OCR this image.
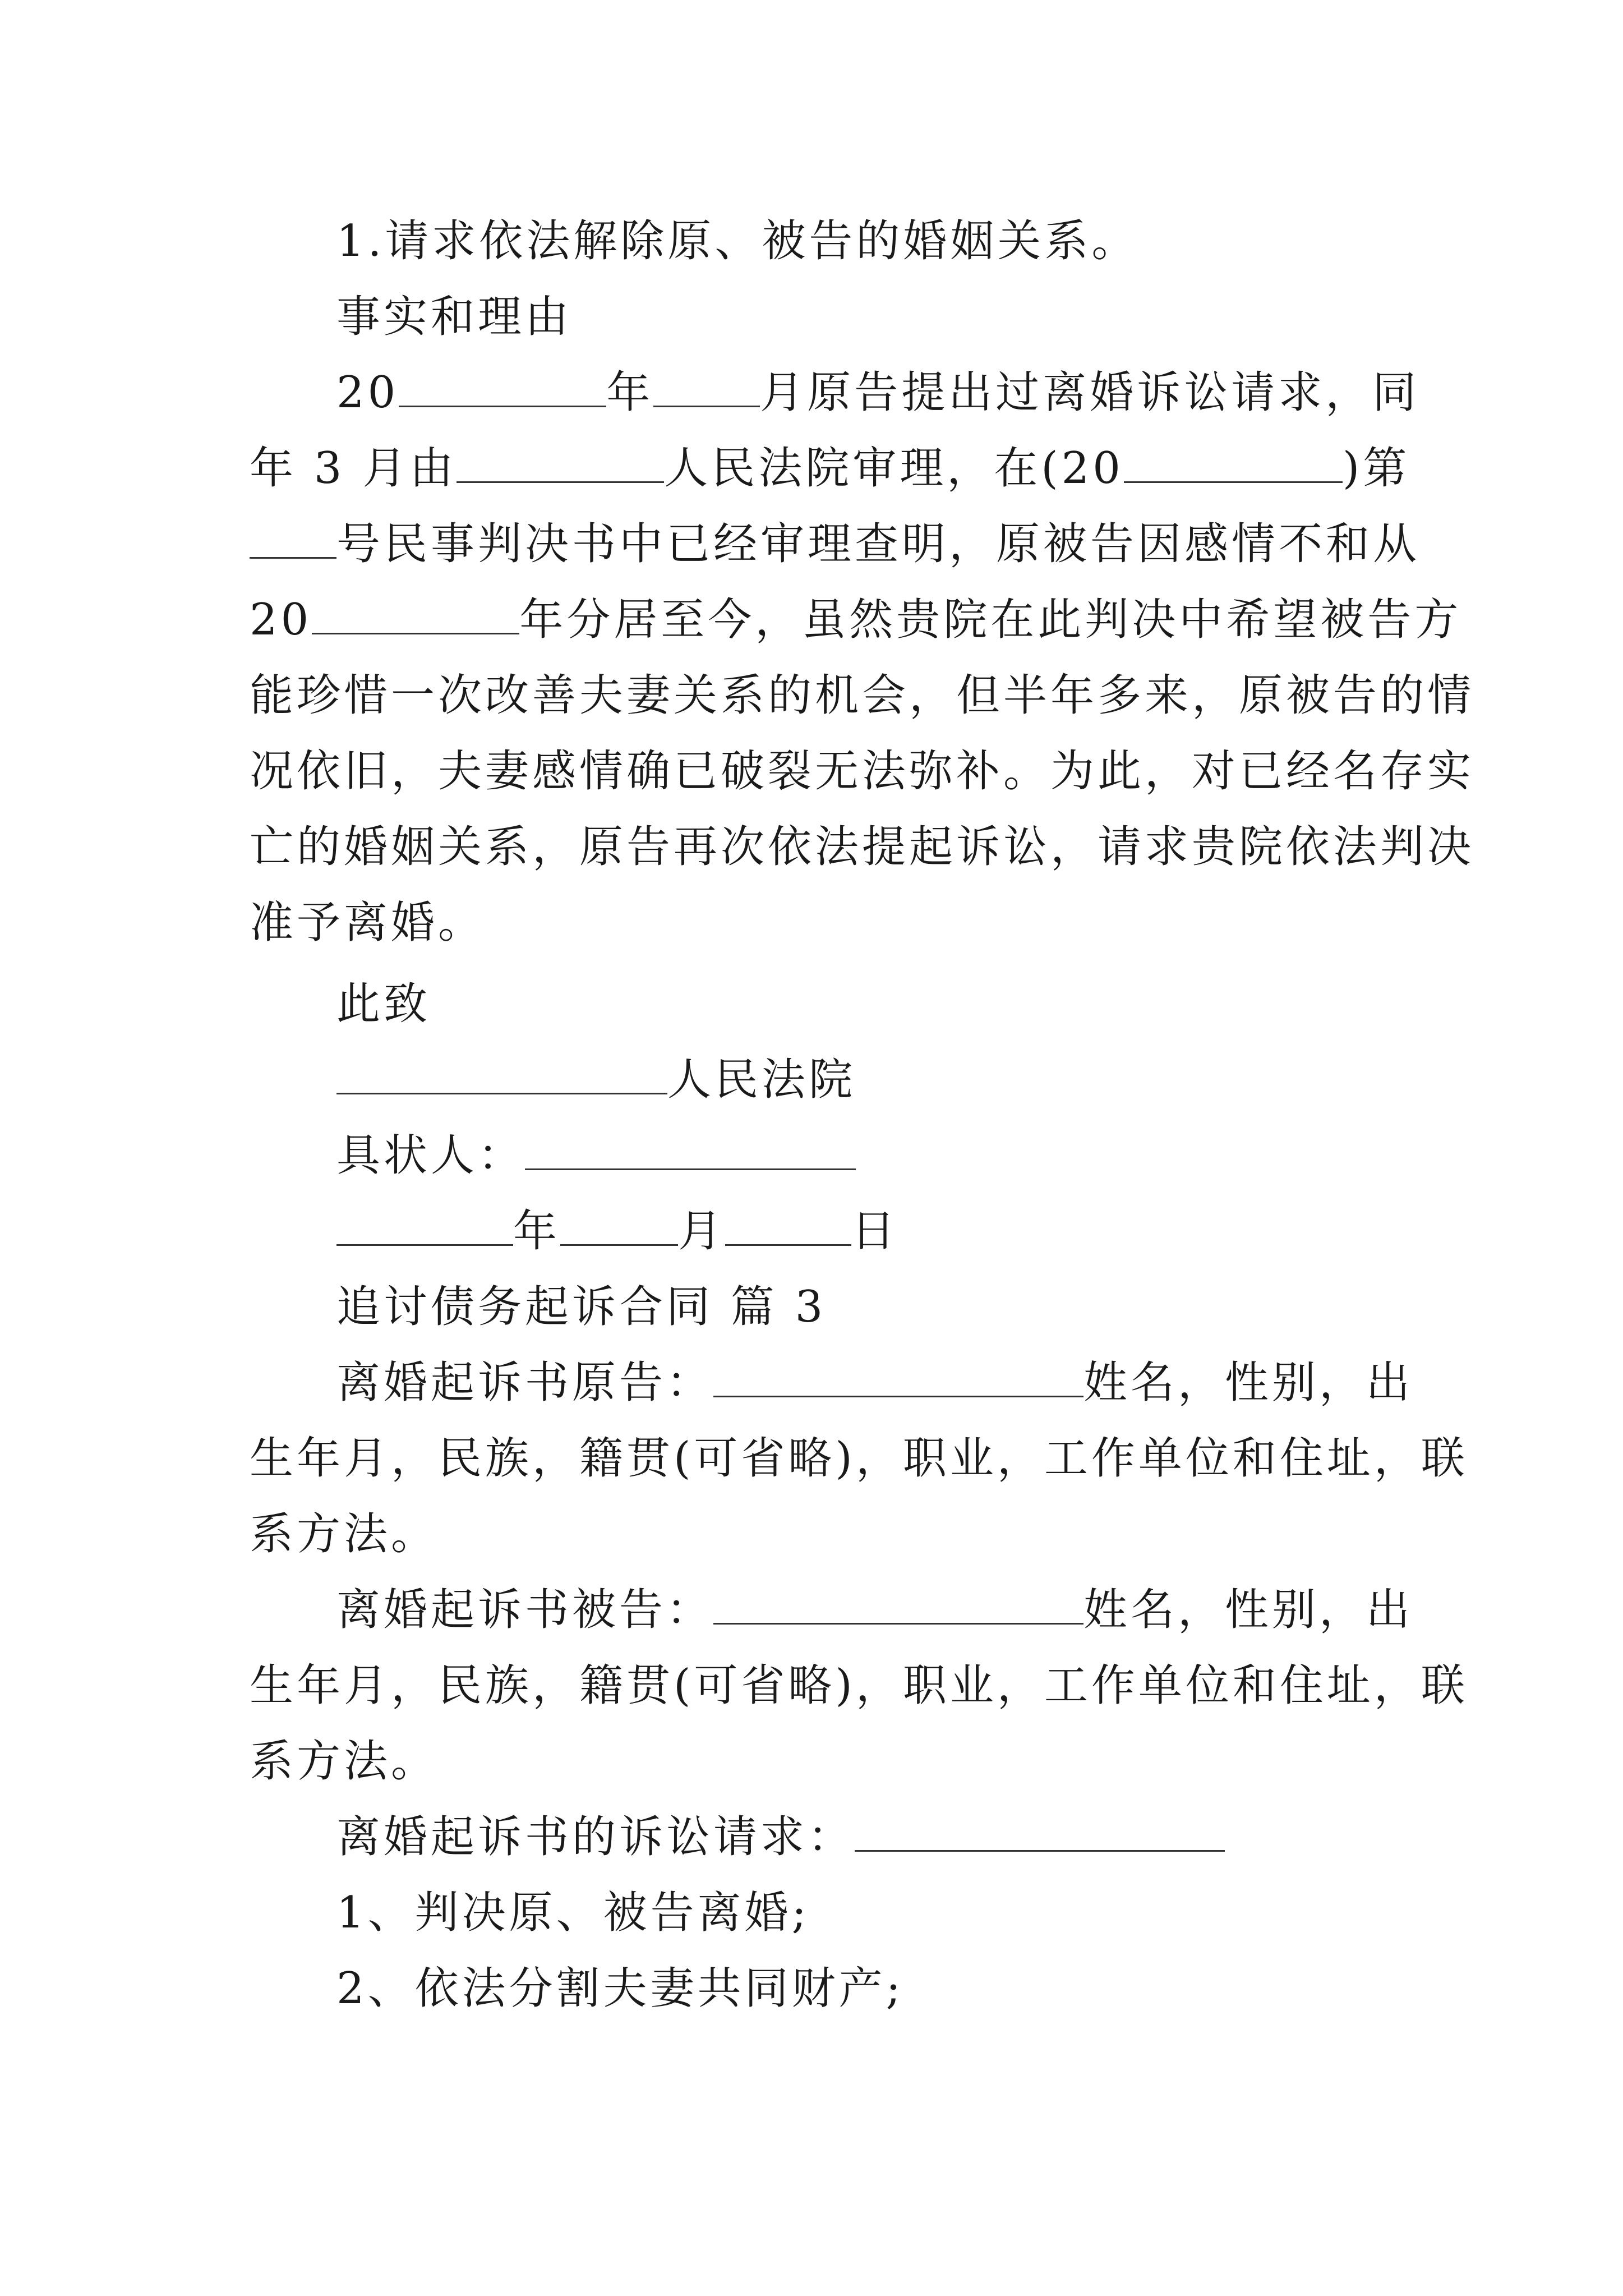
1.请求依法解除原、被告的婚姻关系。
事实和理由
20	年 月原告提出过离婚诉讼请求，同
年 3 月由	人民法院审理，在(20	)第
号民事判决书中已经审理查明，原被告因感情不和从
20	年分居至今，虽然贵院在此判决中希望被告方
能珍惜一次改善夫妻关系的机会，但半年多来，原被告的情
况依旧，夫妻感情确已破裂无法弥补。为此，对已经名存实
亡的婚姻关系，原告再次依法提起诉讼，请求贵院依法判决
准予离婚。
此致
人民法院
具状人：
年	月	日
追讨债务起诉合同 篇 3
离婚起诉书原告：	姓名，性别，出
生年月，民族，籍贯(可省略)，职业，工作单位和住址，联
系方法。
离婚起诉书被告：	姓名，性别，出
生年月，民族，籍贯(可省略)，职业，工作单位和住址，联
系方法。
离婚起诉书的诉讼请求：
1、判决原、被告离婚;
2、依法分割夫妻共同财产;
